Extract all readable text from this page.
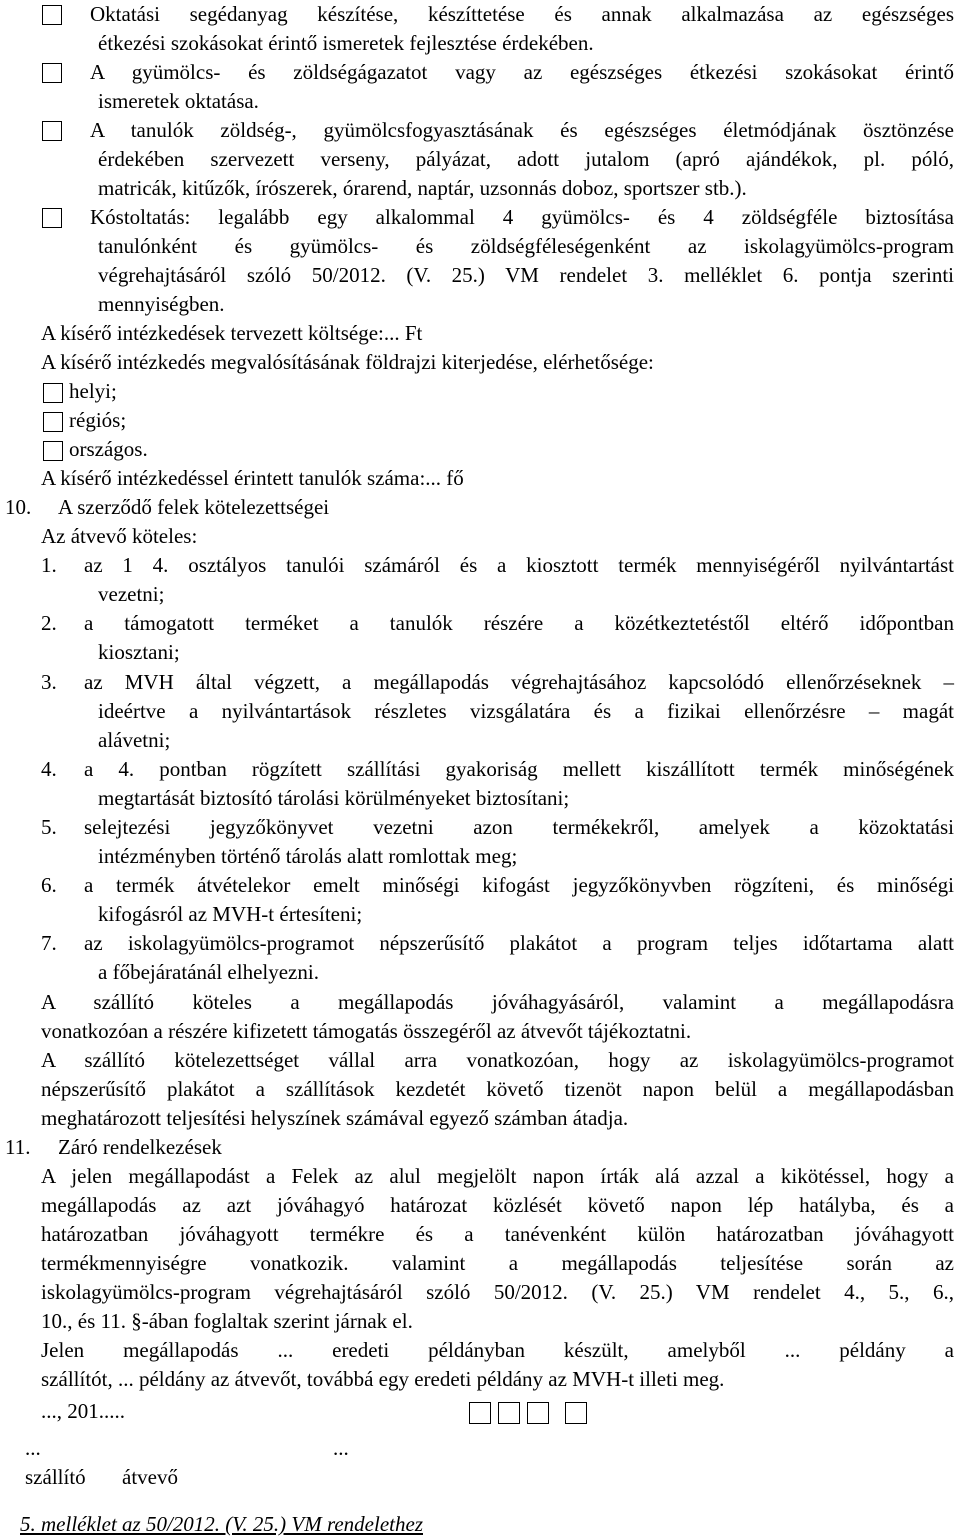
Oktatási segédanyag készítése, készíttetése és annak alkalmazása az egészséges
étkezési szokásokat érintő ismeretek fejlesztése érdekében.
A gyümölcs- és zöldségágazatot vagy az egészséges étkezési szokásokat érintő
ismeretek oktatása.
A tanulók zöldség-, gyümölcsfogyasztásának és egészséges életmódjának ösztönzése
érdekében szervezett verseny, pályázat, adott jutalom (apró ajándékok, pl. póló,
matricák, kitűzők, írószerek, órarend, naptár, uzsonnás doboz, sportszer stb.).
Kóstoltatás: legalább egy alkalommal 4 gyümölcs- és 4 zöldségféle biztosítása
tanulónként és gyümölcs- és zöldségféleségenként az iskolagyümölcs-program
végrehajtásáról szóló 50/2012. (V. 25.) VM rendelet 3. melléklet 6. pontja szerinti
mennyiségben.
A kísérő intézkedések tervezett költsége:... Ft
A kísérő intézkedés megvalósításának földrajzi kiterjedése, elérhetősége:
helyi;
régiós;
országos.
A kísérő intézkedéssel érintett tanulók száma:... fő
10. A szerződő felek kötelezettségei
Az átvevő köteles:
1. az 1 4. osztályos tanulói számáról és a kiosztott termék mennyiségéről nyilvántartást
vezetni;
2. a támogatott terméket a tanulók részére a közétkeztetéstől eltérő időpontban
kiosztani;
3. az MVH által végzett, a megállapodás végrehajtásához kapcsolódó ellenőrzéseknek –
ideértve a nyilvántartások részletes vizsgálatára és a fizikai ellenőrzésre – magát
alávetni;
4. a 4. pontban rögzített szállítási gyakoriság mellett kiszállított termék minőségének
megtartását biztosító tárolási körülményeket biztosítani;
5. selejtezési jegyzőkönyvet vezetni azon termékekről, amelyek a közoktatási
intézményben történő tárolás alatt romlottak meg;
6. a termék átvételekor emelt minőségi kifogást jegyzőkönyvben rögzíteni, és minőségi
kifogásról az MVH-t értesíteni;
7. az iskolagyümölcs-programot népszerűsítő plakátot a program teljes időtartama alatt
a főbejáratánál elhelyezni.
A szállító köteles a megállapodás jóváhagyásáról, valamint a megállapodásra
vonatkozóan a részére kifizetett támogatás összegéről az átvevőt tájékoztatni.
A szállító kötelezettséget vállal arra vonatkozóan, hogy az iskolagyümölcs-programot
népszerűsítő plakátot a szállítások kezdetét követő tizenöt napon belül a megállapodásban
meghatározott teljesítési helyszínek számával egyező számban átadja.
11. Záró rendelkezések
A jelen megállapodást a Felek az alul megjelölt napon írták alá azzal a kikötéssel, hogy a
megállapodás az azt jóváhagyó határozat közlését követő napon lép hatályba, és a
határozatban jóváhagyott termékre és a tanévenként külön határozatban jóváhagyott
termékmennyiségre vonatkozik. valamint a megállapodás teljesítése során az
iskolagyümölcs-program végrehajtásáról szóló 50/2012. (V. 25.) VM rendelet 4., 5., 6.,
10., és 11. §-ában foglaltak szerint járnak el.
Jelen megállapodás ... eredeti példányban készült, amelyből ... példány a
szállítót, ... példány az átvevőt, továbbá egy eredeti példány az MVH-t illeti meg.
..., 201.....
...	...
szállító átvevő
5. melléklet az 50/2012. (V. 25.) VM rendelethez
